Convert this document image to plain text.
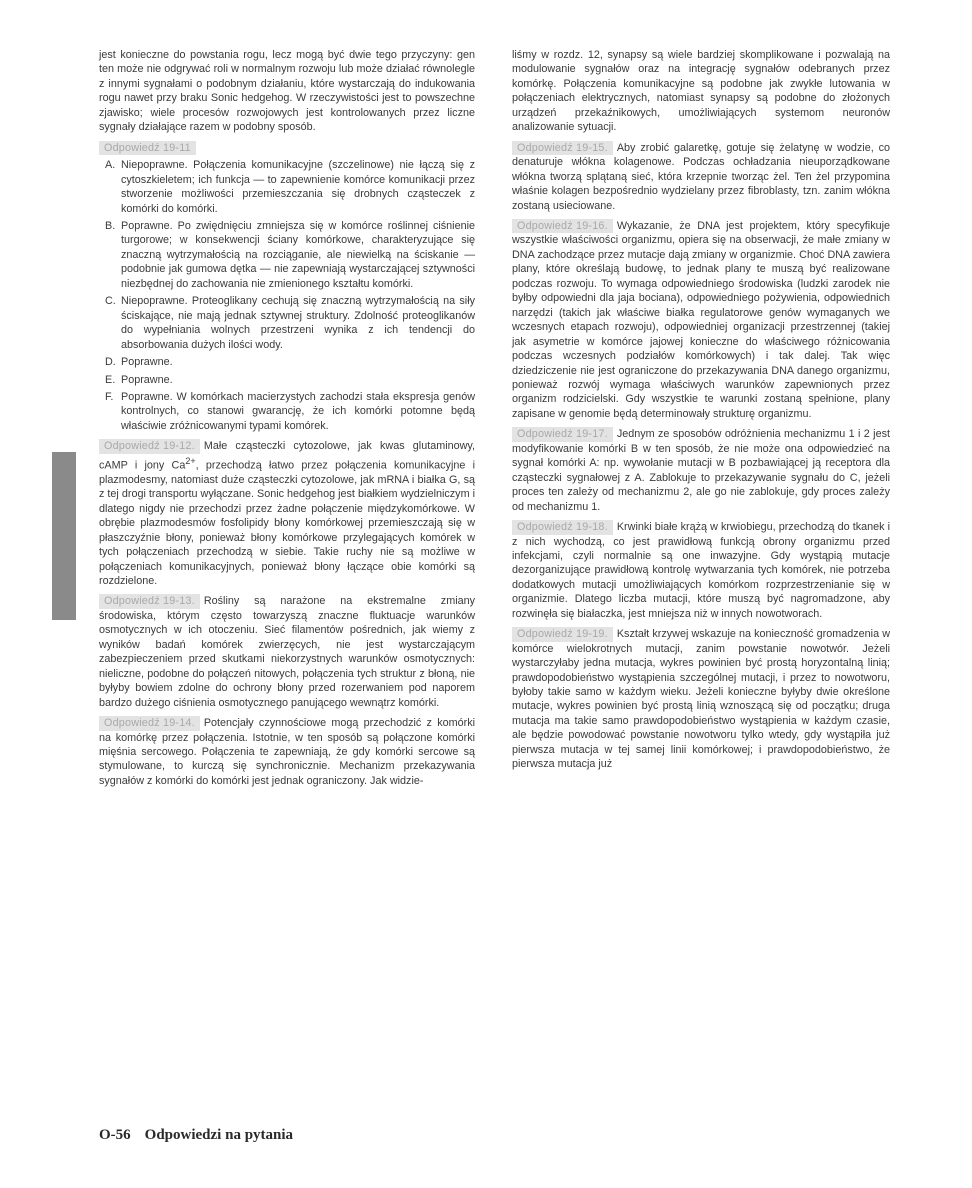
jest konieczne do powstania rogu, lecz mogą być dwie tego przyczyny: gen ten może nie odgrywać roli w normalnym rozwoju lub może działać równolegle z innymi sygnałami o podobnym działaniu, które wystarczają do indukowania rogu nawet przy braku Sonic hedgehog. W rzeczywistości jest to powszechne zjawisko; wiele procesów rozwojowych jest kontrolowanych przez liczne sygnały działające razem w podobny sposób.

Odpowiedź 19-11
A. Niepoprawne. Połączenia komunikacyjne (szczelinowe) nie łączą się z cytoszkieletem; ich funkcja — to zapewnienie komórce komunikacji przez stworzenie możliwości przemieszczania się drobnych cząsteczek z komórki do komórki.
B. Poprawne. Po zwiędnięciu zmniejsza się w komórce roślinnej ciśnienie turgorowe; w konsekwencji ściany komórkowe, charakteryzujące się znaczną wytrzymałością na rozciąganie, ale niewielką na ściskanie — podobnie jak gumowa dętka — nie zapewniają wystarczającej sztywności niezbędnej do zachowania nie zmienionego kształtu komórki.
C. Niepoprawne. Proteoglikany cechują się znaczną wytrzymałością na siły ściskające, nie mają jednak sztywnej struktury. Zdolność proteoglikanów do wypełniania wolnych przestrzeni wynika z ich tendencji do absorbowania dużych ilości wody.
D. Poprawne.
E. Poprawne.
F. Poprawne. W komórkach macierzystych zachodzi stała ekspresja genów kontrolnych, co stanowi gwarancję, że ich komórki potomne będą właściwie zróżnicowanymi typami komórek.

Odpowiedź 19-12. Małe cząsteczki cytozolowe, jak kwas glutaminowy, cAMP i jony $Ca^{2+}$, przechodzą łatwo przez połączenia komunikacyjne i plazmodesmy, natomiast duże cząsteczki cytozolowe, jak mRNA i białka G, są z tej drogi transportu wyłączane. Sonic hedgehog jest białkiem wydzielniczym i dlatego nigdy nie przechodzi przez żadne połączenie międzykomórkowe. W obrębie plazmodesmów fosfolipidy błony komórkowej przemieszczają się w płaszczyźnie błony, ponieważ błony komórkowe przylegających komórek w tych połączeniach przechodzą w siebie. Takie ruchy nie są możliwe w połączeniach komunikacyjnych, ponieważ błony łączące obie komórki są rozdzielone.

Odpowiedź 19-13. Rośliny są narażone na ekstremalne zmiany środowiska, którym często towarzyszą znaczne fluktuacje warunków osmotycznych w ich otoczeniu. Sieć filamentów pośrednich, jak wiemy z wyników badań komórek zwierzęcych, nie jest wystarczającym zabezpieczeniem przed skutkami niekorzystnych warunków osmotycznych: nieliczne, podobne do połączeń nitowych, połączenia tych struktur z błoną, nie byłyby bowiem zdolne do ochrony błony przed rozerwaniem pod naporem bardzo dużego ciśnienia osmotycznego panującego wewnątrz komórki.

Odpowiedź 19-14. Potencjały czynnościowe mogą przechodzić z komórki na komórkę przez połączenia. Istotnie, w ten sposób są połączone komórki mięśnia sercowego. Połączenia te zapewniają, że gdy komórki sercowe są stymulowane, to kurczą się synchronicznie. Mechanizm przekazywania sygnałów z komórki do komórki jest jednak ograniczony. Jak widzie-

liśmy w rozdz. 12, synapsy są wiele bardziej skomplikowane i pozwalają na modulowanie sygnałów oraz na integrację sygnałów odebranych przez komórkę. Połączenia komunikacyjne są podobne jak zwykłe lutowania w połączeniach elektrycznych, natomiast synapsy są podobne do złożonych urządzeń przekaźnikowych, umożliwiających systemom neuronów analizowanie sytuacji.

Odpowiedź 19-15. Aby zrobić galaretkę, gotuje się żelatynę w wodzie, co denaturuje włókna kolagenowe. Podczas ochładzania nieuporządkowane włókna tworzą splątaną sieć, która krzepnie tworząc żel. Ten żel przypomina właśnie kolagen bezpośrednio wydzielany przez fibroblasty, tzn. zanim włókna zostaną usieciowane.

Odpowiedź 19-16. Wykazanie, że DNA jest projektem, który specyfikuje wszystkie właściwości organizmu, opiera się na obserwacji, że małe zmiany w DNA zachodzące przez mutacje dają zmiany w organizmie. Choć DNA zawiera plany, które określają budowę, to jednak plany te muszą być realizowane podczas rozwoju. To wymaga odpowiedniego środowiska (ludzki zarodek nie byłby odpowiedni dla jaja bociana), odpowiedniego pożywienia, odpowiednich narzędzi (takich jak właściwe białka regulatorowe genów wymaganych we wczesnych etapach rozwoju), odpowiedniej organizacji przestrzennej (takiej jak asymetrie w komórce jajowej konieczne do właściwego różnicowania podczas wczesnych podziałów komórkowych) i tak dalej. Tak więc dziedziczenie nie jest ograniczone do przekazywania DNA danego organizmu, ponieważ rozwój wymaga właściwych warunków zapewnionych przez organizm rodzicielski. Gdy wszystkie te warunki zostaną spełnione, plany zapisane w genomie będą determinowały strukturę organizmu.

Odpowiedź 19-17. Jednym ze sposobów odróżnienia mechanizmu 1 i 2 jest modyfikowanie komórki B w ten sposób, że nie może ona odpowiedzieć na sygnał komórki A: np. wywołanie mutacji w B pozbawiającej ją receptora dla cząsteczki sygnałowej z A. Zablokuje to przekazywanie sygnału do C, jeżeli proces ten zależy od mechanizmu 2, ale go nie zablokuje, gdy proces zależy od mechanizmu 1.

Odpowiedź 19-18. Krwinki białe krążą w krwiobiegu, przechodzą do tkanek i z nich wychodzą, co jest prawidłową funkcją obrony organizmu przed infekcjami, czyli normalnie są one inwazyjne. Gdy wystąpią mutacje dezorganizujące prawidłową kontrolę wytwarzania tych komórek, nie potrzeba dodatkowych mutacji umożliwiających komórkom rozprzestrzenianie się w organizmie. Dlatego liczba mutacji, które muszą być nagromadzone, aby rozwinęła się białaczka, jest mniejsza niż w innych nowotworach.

Odpowiedź 19-19. Kształt krzywej wskazuje na konieczność gromadzenia w komórce wielokrotnych mutacji, zanim powstanie nowotwór. Jeżeli wystarczyłaby jedna mutacja, wykres powinien być prostą horyzontalną linią; prawdopodobieństwo wystąpienia szczególnej mutacji, i przez to nowotworu, byłoby takie samo w każdym wieku. Jeżeli konieczne byłyby dwie określone mutacje, wykres powinien być prostą linią wznoszącą się od początku; druga mutacja ma takie samo prawdopodobieństwo wystąpienia w każdym czasie, ale będzie powodować powstanie nowotworu tylko wtedy, gdy wystąpiła już pierwsza mutacja w tej samej linii komórkowej; i prawdopodobieństwo, że pierwsza mutacja już

O-56 Odpowiedzi na pytania
